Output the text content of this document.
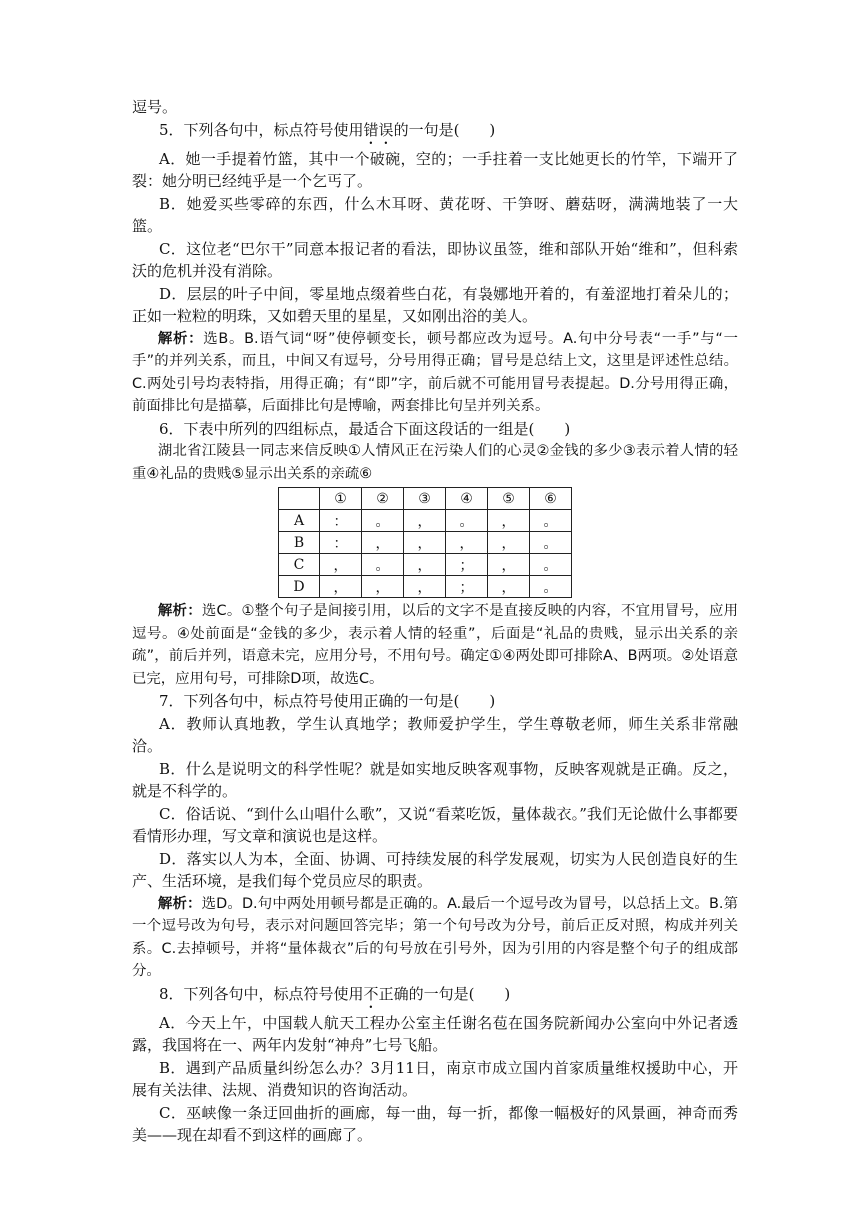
逗号。

5．下列各句中，标点符号使用错误的一句是(　　)

A．她一手提着竹篮，其中一个破碗，空的；一手拄着一支比她更长的竹竿，下端开了裂：她分明已经纯乎是一个乞丐了。

B．她爱买些零碎的东西，什么木耳呀、黄花呀、干笋呀、蘑菇呀，满满地装了一大篮。

C．这位老“巴尔干”同意本报记者的看法，即协议虽签，维和部队开始“维和”，但科索沃的危机并没有消除。

D．层层的叶子中间，零星地点缀着些白花，有袅娜地开着的，有羞涩地打着朵儿的；正如一粒粒的明珠，又如碧天里的星星，又如刚出浴的美人。

解析：选B。B.语气词“呀”使停顿变长，顿号都应改为逗号。A.句中分号表“一手”与“一手”的并列关系，而且，中间又有逗号，分号用得正确；冒号是总结上文，这里是评述性总结。C.两处引号均表特指，用得正确；有“即”字，前后就不可能用冒号表提起。D.分号用得正确，前面排比句是描摹，后面排比句是博喻，两套排比句呈并列关系。

6．下表中所列的四组标点，最适合下面这段话的一组是(　　)

湖北省江陵县一同志来信反映①人情风正在污染人们的心灵②金钱的多少③表示着人情的轻重④礼品的贵贱⑤显示出关系的亲疏⑥

	①	②	③	④	⑤	⑥
A	：	。	，	。	，	。
B	：	，	，	，	，	。
C	，	。	，	；	，	。
D	，	，	，	；	，	。

解析：选C。①整个句子是间接引用，以后的文字不是直接反映的内容，不宜用冒号，应用逗号。④处前面是“金钱的多少，表示着人情的轻重”，后面是“礼品的贵贱，显示出关系的亲疏”，前后并列，语意未完，应用分号，不用句号。确定①④两处即可排除A、B两项。②处语意已完，应用句号，可排除D项，故选C。

7．下列各句中，标点符号使用正确的一句是(　　)

A．教师认真地教，学生认真地学；教师爱护学生，学生尊敬老师，师生关系非常融洽。

B．什么是说明文的科学性呢？就是如实地反映客观事物，反映客观就是正确。反之，就是不科学的。

C．俗话说、“到什么山唱什么歌”，又说“看菜吃饭，量体裁衣。”我们无论做什么事都要看情形办理，写文章和演说也是这样。

D．落实以人为本，全面、协调、可持续发展的科学发展观，切实为人民创造良好的生产、生活环境，是我们每个党员应尽的职责。

解析：选D。D.句中两处用顿号都是正确的。A.最后一个逗号改为冒号，以总括上文。B.第一个逗号改为句号，表示对问题回答完毕；第一个句号改为分号，前后正反对照，构成并列关系。C.去掉顿号，并将“量体裁衣”后的句号放在引号外，因为引用的内容是整个句子的组成部分。

8．下列各句中，标点符号使用不正确的一句是(　　)

A．今天上午，中国载人航天工程办公室主任谢名苞在国务院新闻办公室向中外记者透露，我国将在一、两年内发射“神舟”七号飞船。

B．遇到产品质量纠纷怎么办？3月11日，南京市成立国内首家质量维权援助中心，开展有关法律、法规、消费知识的咨询活动。

C．巫峡像一条迂回曲折的画廊，每一曲，每一折，都像一幅极好的风景画，神奇而秀美——现在却看不到这样的画廊了。
